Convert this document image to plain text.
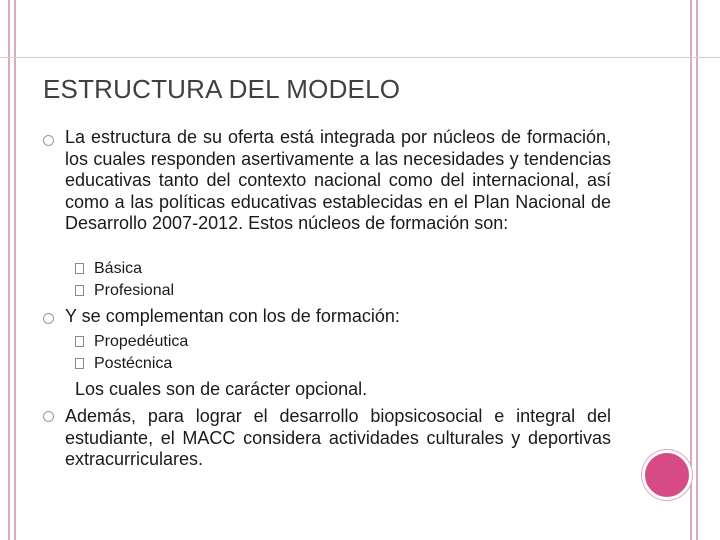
ESTRUCTURA DEL MODELO

La estructura de su oferta está integrada por núcleos de formación, los cuales responden asertivamente a las necesidades y tendencias educativas tanto del contexto nacional como del internacional, así como a las políticas educativas establecidas en el Plan Nacional de Desarrollo 2007-2012. Estos núcleos de formación son:

Básica
Profesional

Y se complementan con los de formación:

Propedéutica
Postécnica
Los cuales son de carácter opcional.

Además, para lograr el desarrollo biopsicosocial e integral del estudiante, el MACC considera actividades culturales y deportivas extracurriculares.
